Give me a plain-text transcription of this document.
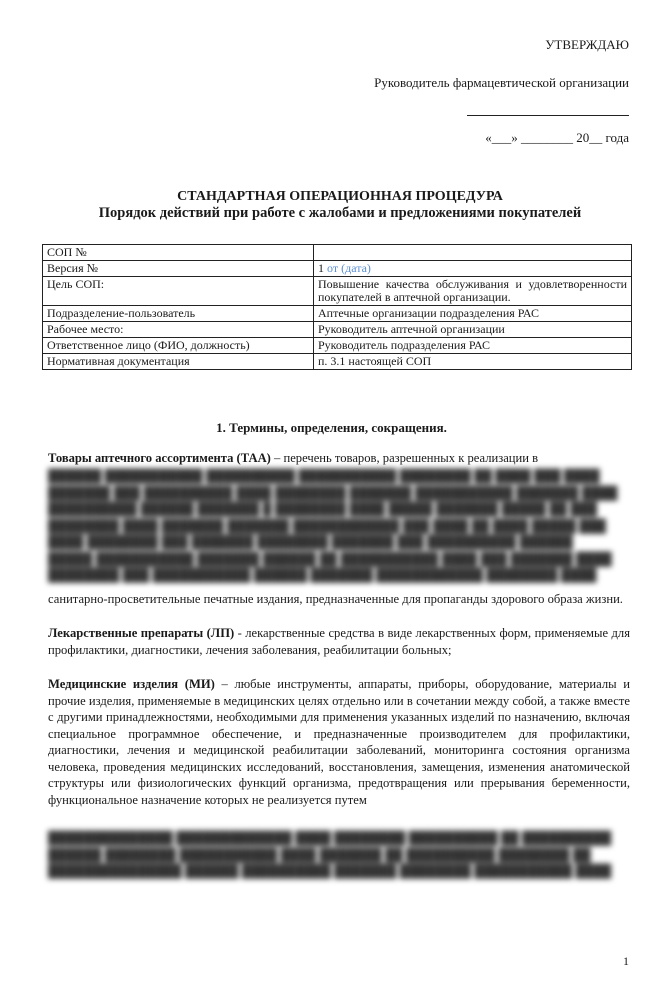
УТВЕРЖДАЮ
Руководитель фармацевтической организации
«___» ________ 20__ года
СТАНДАРТНАЯ ОПЕРАЦИОННАЯ ПРОЦЕДУРА
Порядок действий при работе с жалобами и предложениями покупателей
СОП №	
Версия №	1 от (дата)
Цель СОП:	Повышение качества обслуживания и удовлетворенности покупателей в аптечной организации.
Подразделение-пользователь	Аптечные организации подразделения РАС
Рабочее место:	Руководитель аптечной организации
Ответственное лицо (ФИО, должность)	Руководитель подразделения РАС
Нормативная документация	п. 3.1 настоящей СОП
1. Термины, определения, сокращения.

Товары аптечного ассортимента (ТАА) – перечень товаров, разрешенных к реализации в

██████ ███████████ ██████████ ███████████ ████████ ██ ████ ███ ████

███████ ███ ██████████ ████ ████████ ███████ ███████████ ███████ ████

██████████ ██████ ███████ █ ████████ ████ █████ ███████ █████ ██ ███

████████ ████ ███████ ███████ ████████████ ███ ████ ██ ████ █████ ███

████ ████████ ███ ███████ ████████ ███████ ███ ██████████ ██████

█████ ███████████ ███████ ██████ ██ ███████████ ████ ███ ███████ ████

████████ ███ ███████████ ██████ ███████ ████████████ ████████ ████

санитарно-просветительные печатные издания, предназначенные для пропаганды здорового образа жизни.

Лекарственные препараты (ЛП) - лекарственные средства в виде лекарственных форм, применяемые для профилактики, диагностики, лечения заболевания, реабилитации больных;

Медицинские изделия (МИ) – любые инструменты, аппараты, приборы, оборудование, материалы и прочие изделия, применяемые в медицинских целях отдельно или в сочетании между собой, а также вместе с другими принадлежностями, необходимыми для применения указанных изделий по назначению, включая специальное программное обеспечение, и предназначенные производителем для профилактики, диагностики, лечения и медицинской реабилитации заболеваний, мониторинга состояния организма человека, проведения медицинских исследований, восстановления, замещения, изменения анатомической структуры или физиологических функций организма, предотвращения или прерывания беременности, функциональное назначение которых не реализуется путем

██████████████ █████████████ ████ ████████ ██████████ ██ ██████████

██████ ████████ ███████████ ████ ███████ ██ ██████████ ████████ ██

███████████████ ██████ ██████████ ███████ ████████ ███████████ ████

1
